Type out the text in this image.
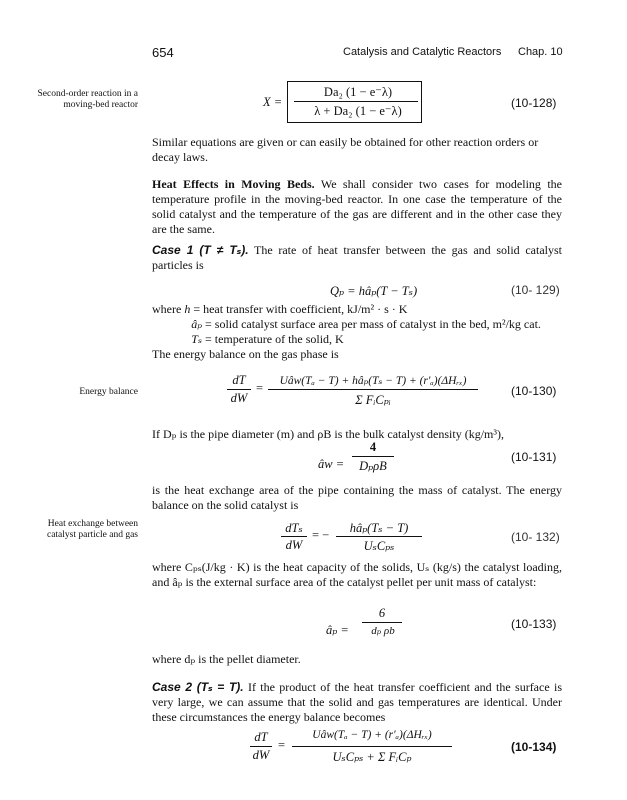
654	Catalysis and Catalytic Reactors Chap. 10
Second-order reaction in a moving-bed reactor
Energy balance
Heat exchange between catalyst particle and gas
X =
Da₂ (1 − e⁻λ)
λ + Da₂ (1 − e⁻λ)
(10-128)
Similar equations are given or can easily be obtained for other reaction orders or decay laws.
Heat Effects in Moving Beds. We shall consider two cases for modeling the temperature profile in the moving-bed reactor. In one case the temperature of the solid catalyst and the temperature of the gas are different and in the other case they are the same.
Case 1 (T ≠ Tₛ). The rate of heat transfer between the gas and solid catalyst particles is
Qₚ = hâₚ(T − Tₛ)	(10- 129)
where h = heat transfer with coefficient, kJ/m² · s · K
âₚ = solid catalyst surface area per mass of catalyst in the bed, m²/kg cat.
Tₛ = temperature of the solid, K
The energy balance on the gas phase is
dT
dW
=	Uâw(Tₐ − T) + hâₚ(Tₛ − T) + (r′ₐ)(ΔHᵣₓ)
Σ FᵢCₚᵢ
(10-130)
If Dₚ is the pipe diameter (m) and ρB is the bulk catalyst density (kg/m³),
âw =
4
DₚρB
(10-131)
is the heat exchange area of the pipe containing the mass of catalyst. The energy balance on the solid catalyst is
dTₛ
dW
= −	hâₚ(Tₛ − T)
UₛCₚₛ
(10- 132)
where Cₚₛ(J/kg · K) is the heat capacity of the solids, Uₛ (kg/s) the catalyst loading, and âₚ is the external surface area of the catalyst pellet per unit mass of catalyst:
âₚ =
6
dₚ ρb	(10-133)
where dₚ is the pellet diameter.
Case 2 (Tₛ = T). If the product of the heat transfer coefficient and the surface is very large, we can assume that the solid and gas temperatures are identical. Under these circumstances the energy balance becomes
dT
dW
=
Uâw(Tₐ − T) + (r′ₐ)(ΔHᵣₓ)
UₛCₚₛ + Σ FᵢCₚ
(10-134)
